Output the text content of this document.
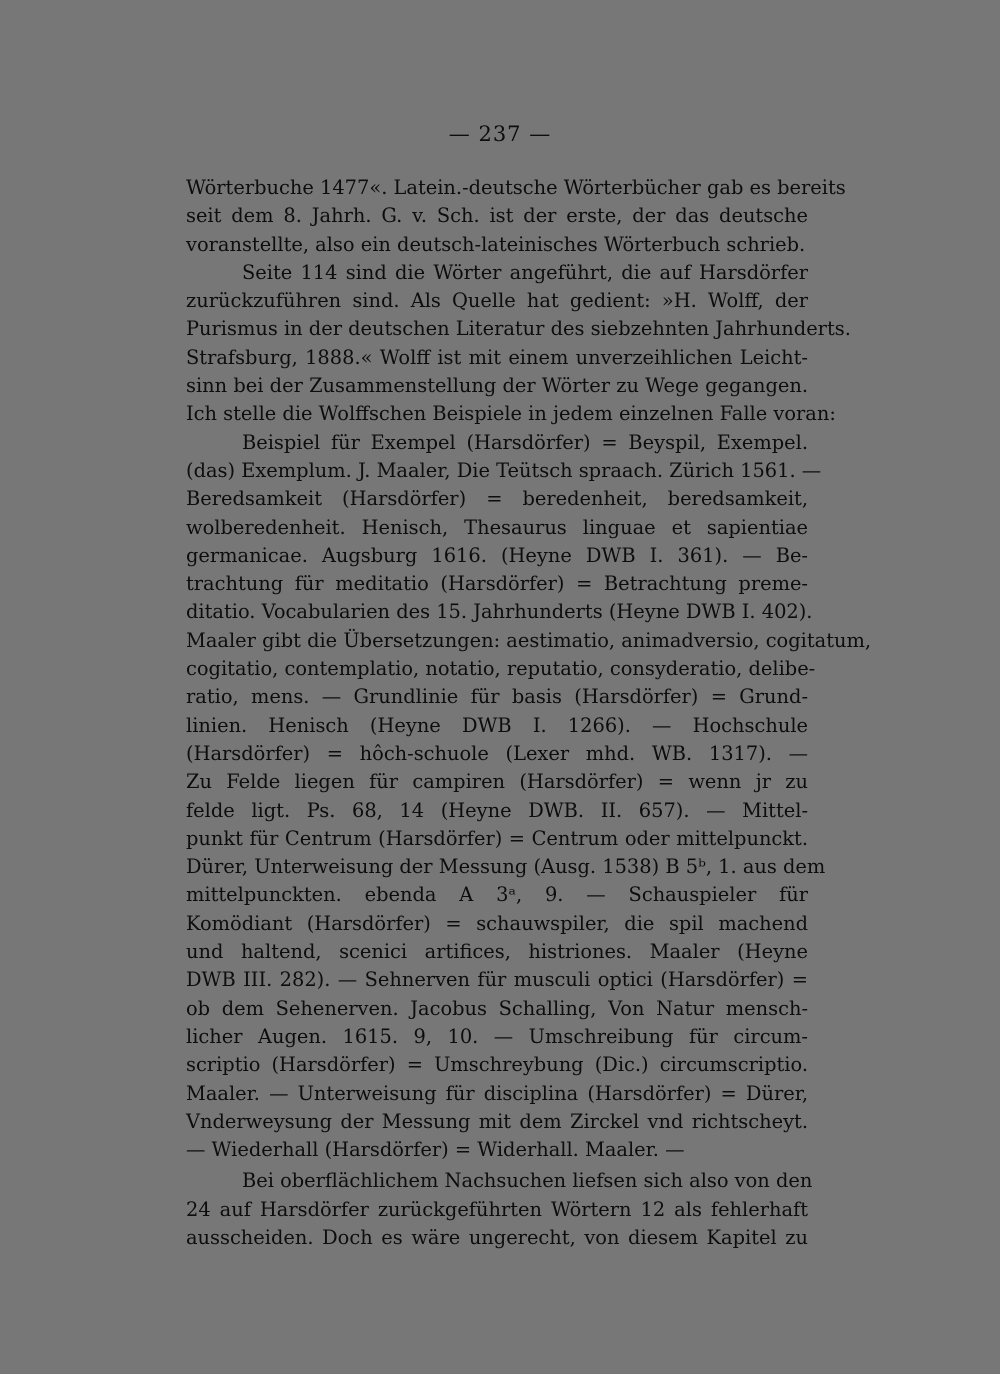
— 237 —
Wörterbuche 1477«. Latein.-deutsche Wörterbücher gab es bereits
seit dem 8. Jahrh. G. v. Sch. ist der erste, der das deutsche
voranstellte, also ein deutsch-lateinisches Wörterbuch schrieb.
Seite 114 sind die Wörter angeführt, die auf Harsdörfer
zurückzuführen sind. Als Quelle hat gedient: »H. Wolff, der
Purismus in der deutschen Literatur des siebzehnten Jahrhunderts.
Strafsburg, 1888.« Wolff ist mit einem unverzeihlichen Leicht-
sinn bei der Zusammenstellung der Wörter zu Wege gegangen.
Ich stelle die Wolffschen Beispiele in jedem einzelnen Falle voran:
Beispiel für Exempel (Harsdörfer) = Beyspil, Exempel.
(das) Exemplum. J. Maaler, Die Teütsch spraach. Zürich 1561. —
Beredsamkeit (Harsdörfer) = beredenheit, beredsamkeit,
wolberedenheit. Henisch, Thesaurus linguae et sapientiae
germanicae. Augsburg 1616. (Heyne DWB I. 361). — Be-
trachtung für meditatio (Harsdörfer) = Betrachtung preme-
ditatio. Vocabularien des 15. Jahrhunderts (Heyne DWB I. 402).
Maaler gibt die Übersetzungen: aestimatio, animadversio, cogitatum,
cogitatio, contemplatio, notatio, reputatio, consyderatio, delibe-
ratio, mens. — Grundlinie für basis (Harsdörfer) = Grund-
linien. Henisch (Heyne DWB I. 1266). — Hochschule
(Harsdörfer) = hôch-schuole (Lexer mhd. WB. 1317). —
Zu Felde liegen für campiren (Harsdörfer) = wenn jr zu
felde ligt. Ps. 68, 14 (Heyne DWB. II. 657). — Mittel-
punkt für Centrum (Harsdörfer) = Centrum oder mittelpunckt.
Dürer, Unterweisung der Messung (Ausg. 1538) B 5ᵇ, 1. aus dem
mittelpunckten. ebenda A 3ᵃ, 9. — Schauspieler für
Komödiant (Harsdörfer) = schauwspiler, die spil machend
und haltend, scenici artifices, histriones. Maaler (Heyne
DWB III. 282). — Sehnerven für musculi optici (Harsdörfer) =
ob dem Sehenerven. Jacobus Schalling, Von Natur mensch-
licher Augen. 1615. 9, 10. — Umschreibung für circum-
scriptio (Harsdörfer) = Umschreybung (Dic.) circumscriptio.
Maaler. — Unterweisung für disciplina (Harsdörfer) = Dürer,
Vnderweysung der Messung mit dem Zirckel vnd richtscheyt.
— Wiederhall (Harsdörfer) = Widerhall. Maaler. —
Bei oberflächlichem Nachsuchen liefsen sich also von den
24 auf Harsdörfer zurückgeführten Wörtern 12 als fehlerhaft
ausscheiden. Doch es wäre ungerecht, von diesem Kapitel zu
